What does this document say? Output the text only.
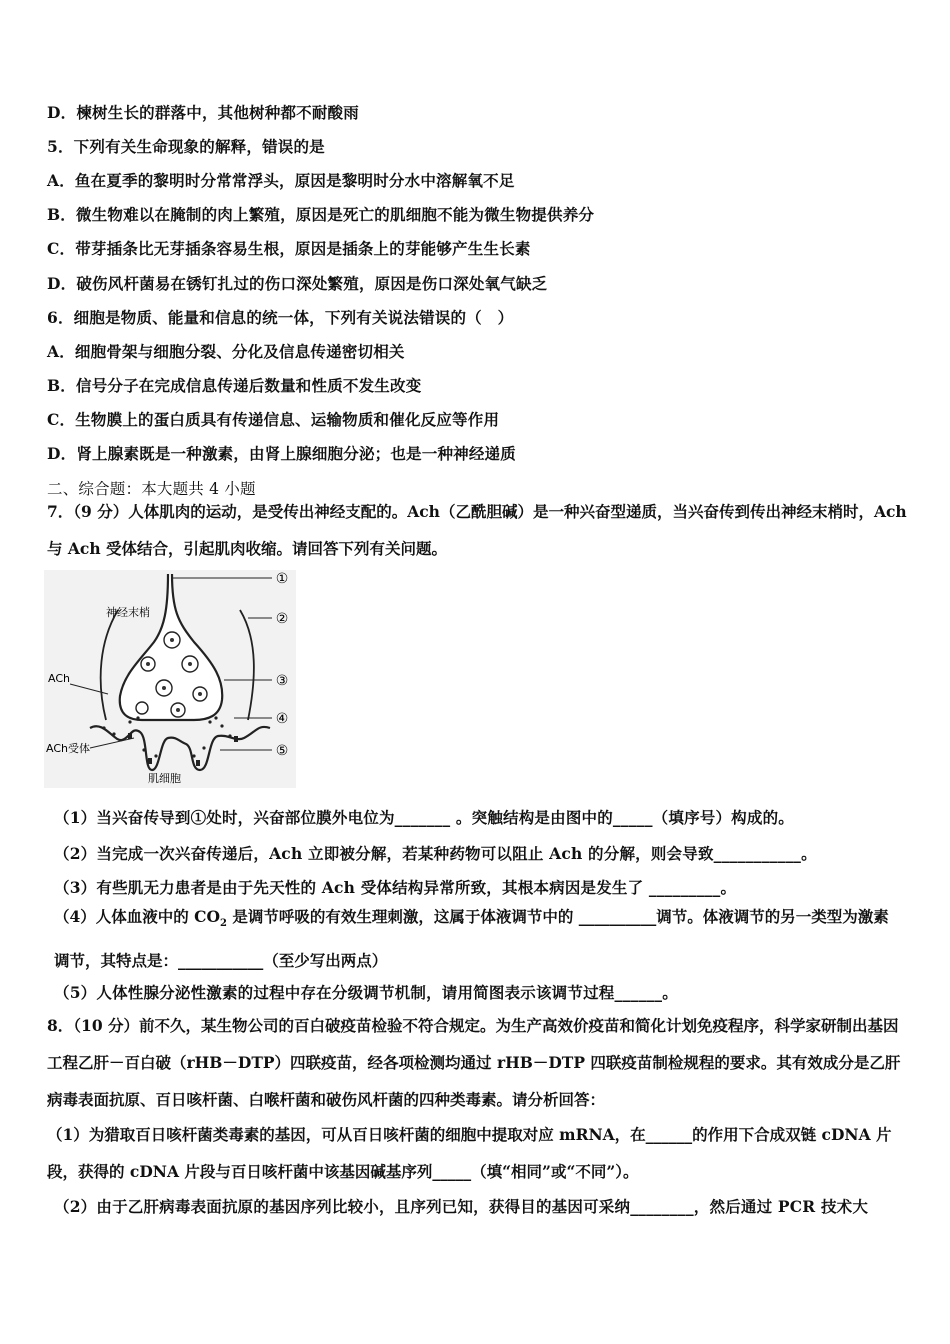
D．楝树生长的群落中，其他树种都不耐酸雨
5．下列有关生命现象的解释，错误的是
A．鱼在夏季的黎明时分常常浮头，原因是黎明时分水中溶解氧不足
B．微生物难以在腌制的肉上繁殖，原因是死亡的肌细胞不能为微生物提供养分
C．带芽插条比无芽插条容易生根，原因是插条上的芽能够产生生长素
D．破伤风杆菌易在锈钉扎过的伤口深处繁殖，原因是伤口深处氧气缺乏
6．细胞是物质、能量和信息的统一体，下列有关说法错误的（　）
A．细胞骨架与细胞分裂、分化及信息传递密切相关
B．信号分子在完成信息传递后数量和性质不发生改变
C．生物膜上的蛋白质具有传递信息、运输物质和催化反应等作用
D．肾上腺素既是一种激素，由肾上腺细胞分泌；也是一种神经递质
二、综合题：本大题共 4 小题
7．（9 分）人体肌肉的运动，是受传出神经支配的。Ach（乙酰胆碱）是一种兴奋型递质，当兴奋传到传出神经末梢时，Ach 与 Ach 受体结合，引起肌肉收缩。请回答下列有关问题。
①
②
③
④
⑤
神经末梢
ACh
ACh受体
肌细胞
（1）当兴奋传导到①处时，兴奋部位膜外电位为_______ 。突触结构是由图中的_____（填序号）构成的。
（2）当完成一次兴奋传递后，Ach 立即被分解，若某种药物可以阻止 Ach 的分解，则会导致___________。
（3）有些肌无力患者是由于先天性的 Ach 受体结构异常所致，其根本病因是发生了 _________。
（4）人体血液中的 $CO_2$ 是调节呼吸的有效生理刺激，这属于体液调节中的 __________调节。体液调节的另一类型为激素调节，其特点是：___________（至少写出两点）
（5）人体性腺分泌性激素的过程中存在分级调节机制，请用简图表示该调节过程______。
8．（10 分）前不久，某生物公司的百白破疫苗检验不符合规定。为生产高效价疫苗和简化计划免疫程序，科学家研制出基因工程乙肝－百白破（rHB－DTP）四联疫苗，经各项检测均通过 rHB－DTP 四联疫苗制检规程的要求。其有效成分是乙肝病毒表面抗原、百日咳杆菌、白喉杆菌和破伤风杆菌的四种类毒素。请分析回答：
（1）为猎取百日咳杆菌类毒素的基因，可从百日咳杆菌的细胞中提取对应 mRNA，在______的作用下合成双链 cDNA 片段，获得的 cDNA 片段与百日咳杆菌中该基因碱基序列_____（填“相同”或“不同”）。
（2）由于乙肝病毒表面抗原的基因序列比较小，且序列已知，获得目的基因可采纳________，然后通过 PCR 技术大
